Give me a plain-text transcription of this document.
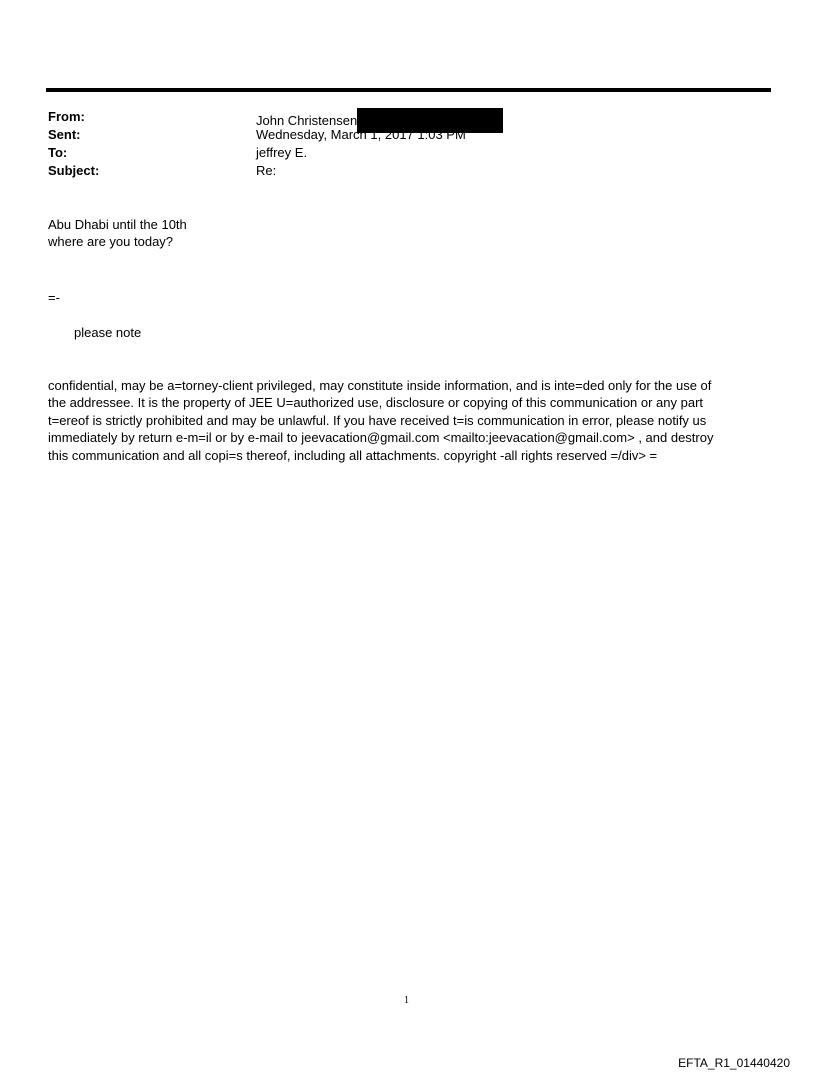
From:	John Christensen
Sent:	Wednesday, March 1, 2017 1:03 PM
To:	jeffrey E.
Subject:	Re:
Abu Dhabi until the 10th
where are you today?
=-
please note
confidential, may be a=torney-client privileged, may constitute inside information, and is inte=ded only for the use of
the addressee. It is the property of JEE U=authorized use, disclosure or copying of this communication or any part
t=ereof is strictly prohibited and may be unlawful. If you have received t=is communication in error, please notify us
immediately by return e-m=il or by e-mail to jeevacation@gmail.com <mailto:jeevacation@gmail.com> , and destroy
this communication and all copi=s thereof, including all attachments. copyright -all rights reserved =/div> =
1
EFTA_R1_01440420
